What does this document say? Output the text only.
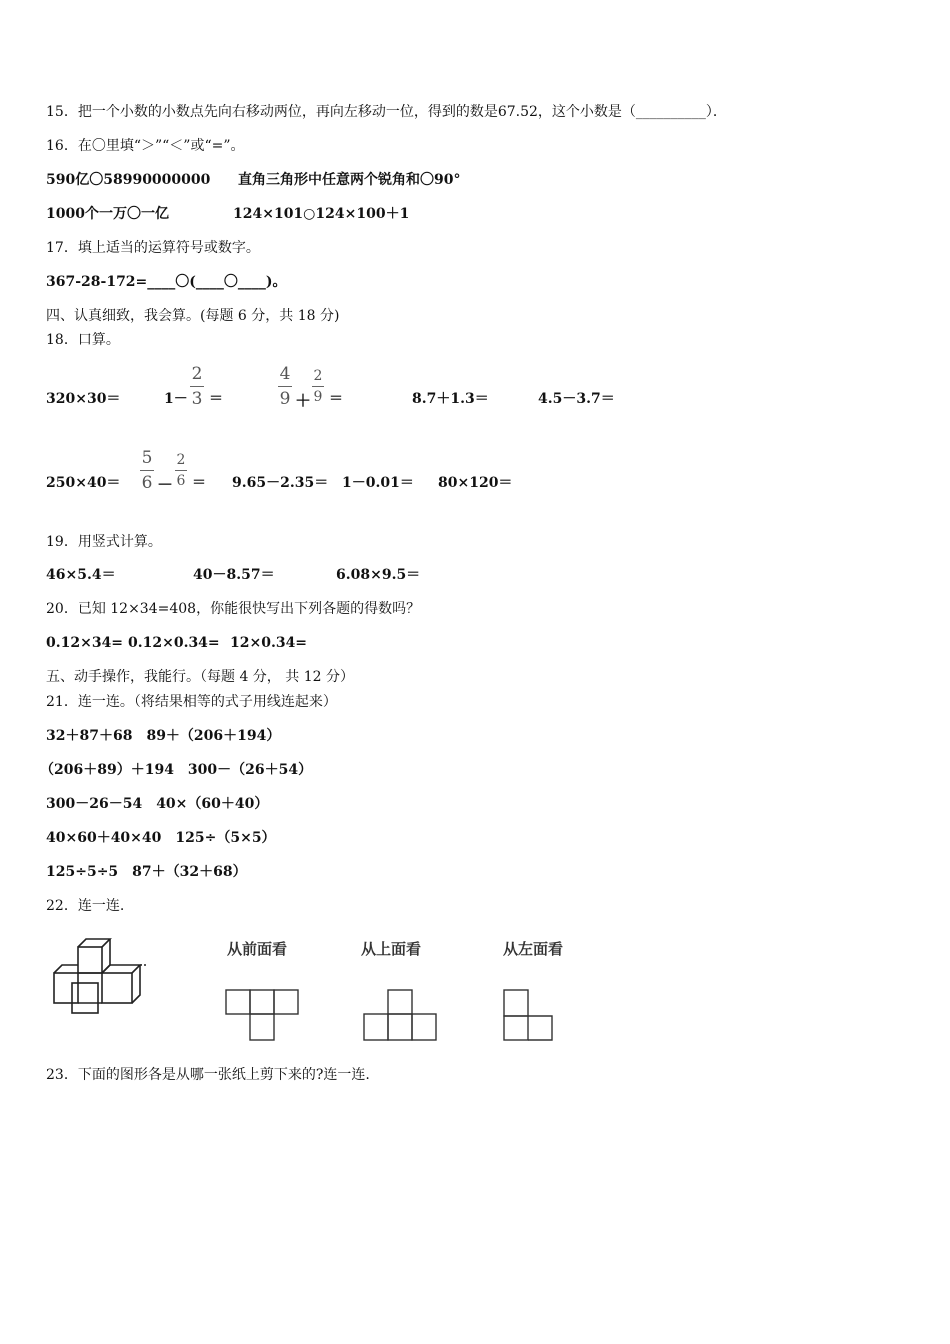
15．把一个小数的小数点先向右移动两位，再向左移动一位，得到的数是67.52，这个小数是（__________）．
16．在〇里填“＞”“＜”或“=”。
590亿〇58990000000 直角三角形中任意两个锐角和〇90°
1000个一万〇一亿	124×101○124×100＋1
17．填上适当的运算符号或数字。
367-28-172=____〇(____〇____)。
四、认真细致，我会算。(每题 6 分，共 18 分)
18．口算。
320×30＝	1－
2
3 ＝
4
9 ＋
2
9 ＝	8.7＋1.3＝	4.5－3.7＝
250×40＝
5
6 －
2
6 ＝ 9.65－2.35＝ 1－0.01＝ 80×120＝
19．用竖式计算。
46×5.4＝	40－8.57＝	6.08×9.5＝
20．已知 12×34=408，你能很快写出下列各题的得数吗？
0.12×34= 0.12×0.34= 12×0.34=
五、动手操作，我能行。（每题 4 分， 共 12 分）
21．连一连。（将结果相等的式子用线连起来）
32＋87＋68　89＋（206＋194）
（206＋89）＋194　300－（26＋54）
300－26－54　40×（60＋40）
40×60＋40×40　125÷（5×5）
125÷5÷5　87＋（32＋68）
22．连一连.
从前面看	从上面看	从左面看
23．下面的图形各是从哪一张纸上剪下来的?连一连.
